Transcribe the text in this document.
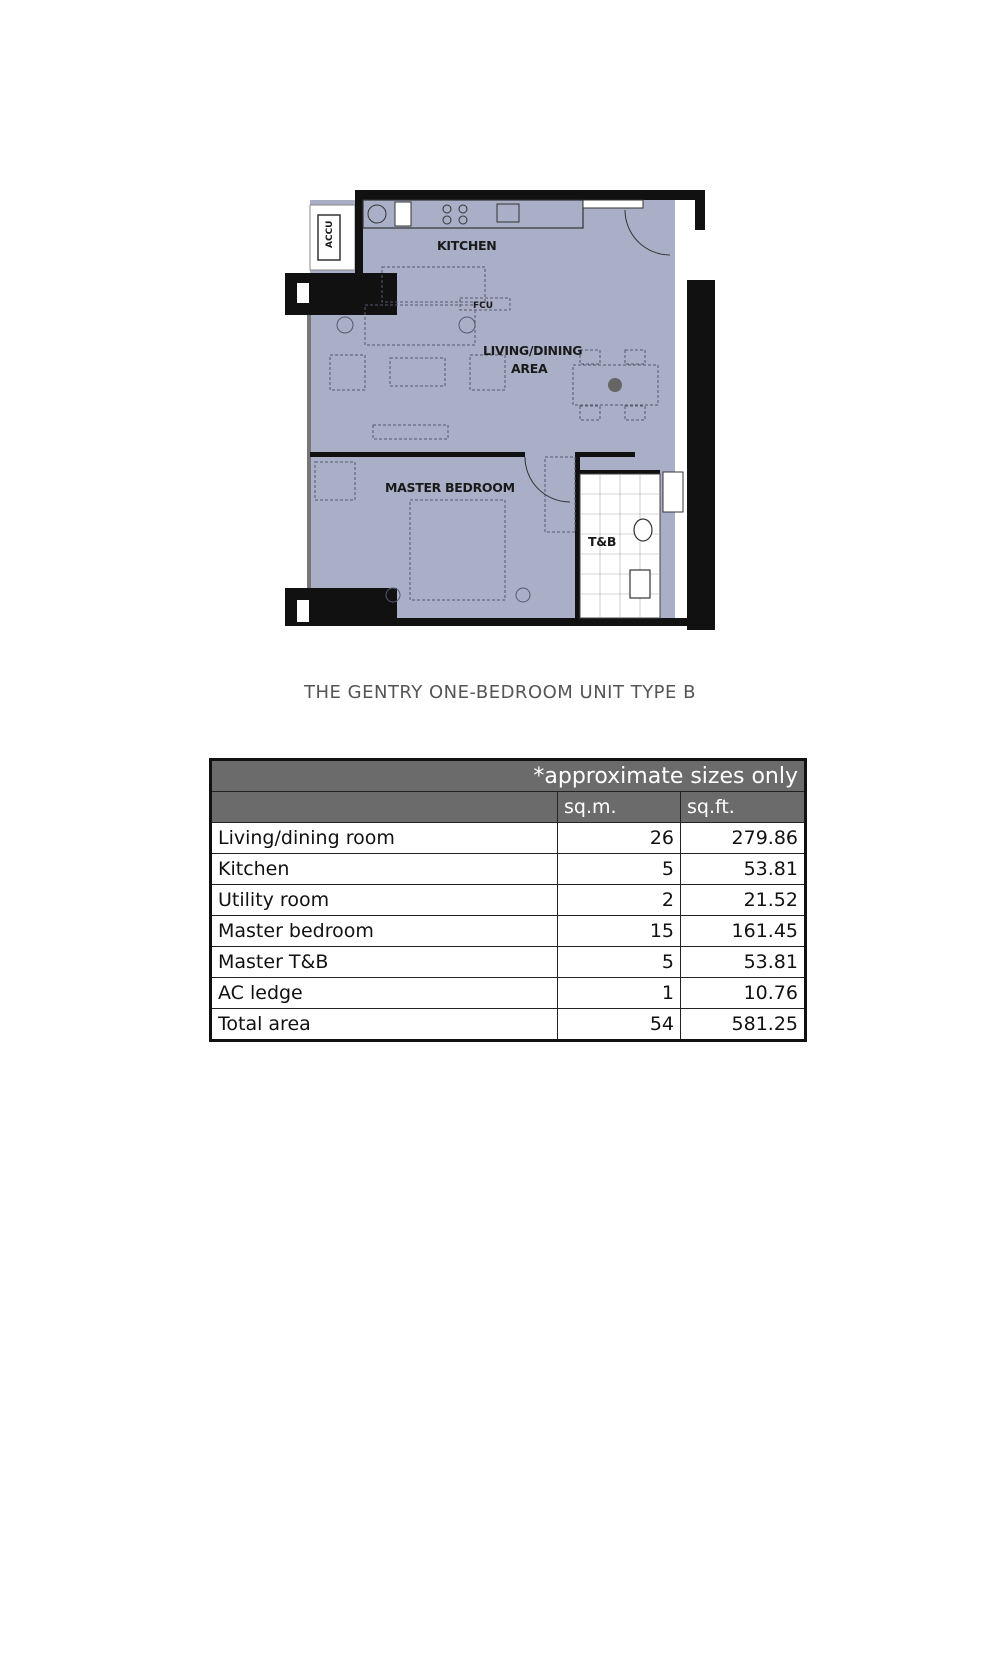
ACCU
T&B
KITCHEN
FCU
LIVING/DINING
AREA
MASTER BEDROOM
THE GENTRY ONE-BEDROOM UNIT TYPE B
*approximate sizes only		
	sq.m.	sq.ft.
Living/dining room	26	279.86
Kitchen	5	53.81
Utility room	2	21.52
Master bedroom	15	161.45
Master T&B	5	53.81
AC ledge	1	10.76
Total area	54	581.25
